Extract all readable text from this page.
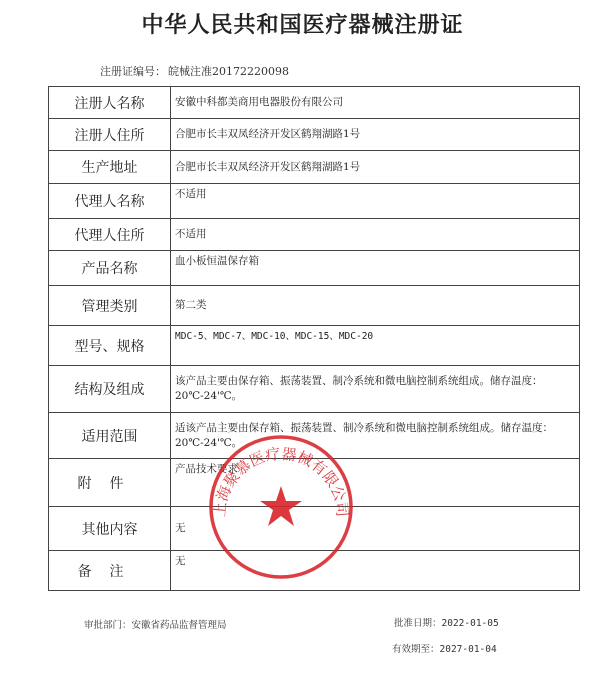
中华人民共和国医疗器械注册证
注册证编号： 皖械注准20172220098
注册人名称	安徽中科都美商用电器股份有限公司
注册人住所	合肥市长丰双凤经济开发区鹤翔湖路1号
生产地址	合肥市长丰双凤经济开发区鹤翔湖路1号
代理人名称	不适用
代理人住所	不适用
产品名称	血小板恒温保存箱
管理类别	第二类
型号、规格	MDC-5、MDC-7、MDC-10、MDC-15、MDC-20
结构及组成	该产品主要由保存箱、振荡装置、制冷系统和微电脑控制系统组成。储存温度：20℃-24'℃。
适用范围	适该产品主要由保存箱、振荡装置、制冷系统和微电脑控制系统组成。储存温度：20℃-24'℃。
附件	产品技术要求
其他内容	无
备注	无
上海聚慕医疗器械有限公司
审批部门：安徽省药品监督管理局	批准日期：2022-01-05
有效期至：2027-01-04
